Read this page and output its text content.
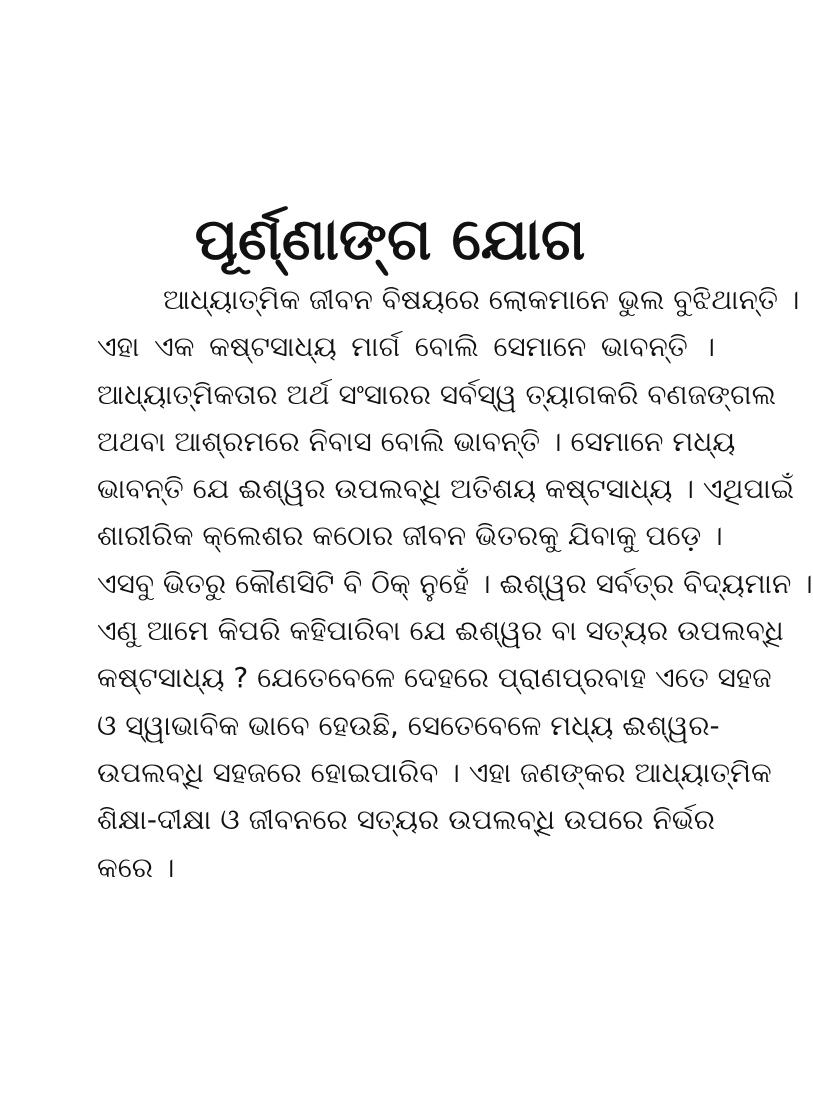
ପୂର୍ଣ୍ଣାଙ୍ଗ ଯୋଗ
ଆଧ୍ୟାତ୍ମିକ ଜୀବନ ବିଷୟରେ ଲୋକମାନେ ଭୁଲ ବୁଝିଥାନ୍ତି ।
ଏହା ଏକ କଷ୍ଟସାଧ୍ୟ ମାର୍ଗ ବୋଲି ସେମାନେ ଭାବନ୍ତି ।
ଆଧ୍ୟାତ୍ମିକତାର ଅର୍ଥ ସଂସାରର ସର୍ବସ୍ୱ ତ୍ୟାଗକରି ବଣଜଙ୍ଗଲ
ଅଥବା ଆଶ୍ରମରେ ନିବାସ ବୋଲି ଭାବନ୍ତି । ସେମାନେ ମଧ୍ୟ
ଭାବନ୍ତି ଯେ ଈଶ୍ୱର ଉପଲବ୍ଧି ଅତିଶୟ କଷ୍ଟସାଧ୍ୟ । ଏଥିପାଇଁ
ଶାରୀରିକ କ୍ଲେଶର କଠୋର ଜୀବନ ଭିତରକୁ ଯିବାକୁ ପଡ଼େ ।
ଏସବୁ ଭିତରୁ କୌଣସିଟି ବି ଠିକ୍ ନୁହେଁ । ଈଶ୍ୱର ସର୍ବତ୍ର ବିଦ୍ୟମାନ ।
ଏଣୁ ଆମେ କିପରି କହିପାରିବା ଯେ ଈଶ୍ୱର ବା ସତ୍ୟର ଉପଲବ୍ଧି
କଷ୍ଟସାଧ୍ୟ ? ଯେତେବେଳେ ଦେହରେ ପ୍ରାଣପ୍ରବାହ ଏତେ ସହଜ
ଓ ସ୍ୱାଭାବିକ ଭାବେ ହେଉଛି, ସେତେବେଳେ ମଧ୍ୟ ଈଶ୍ୱର-
ଉପଲବ୍ଧି ସହଜରେ ହୋଇପାରିବ । ଏହା ଜଣଙ୍କର ଆଧ୍ୟାତ୍ମିକ
ଶିକ୍ଷା-ଦୀକ୍ଷା ଓ ଜୀବନରେ ସତ୍ୟର ଉପଲବ୍ଧି ଉପରେ ନିର୍ଭର
କରେ ।
